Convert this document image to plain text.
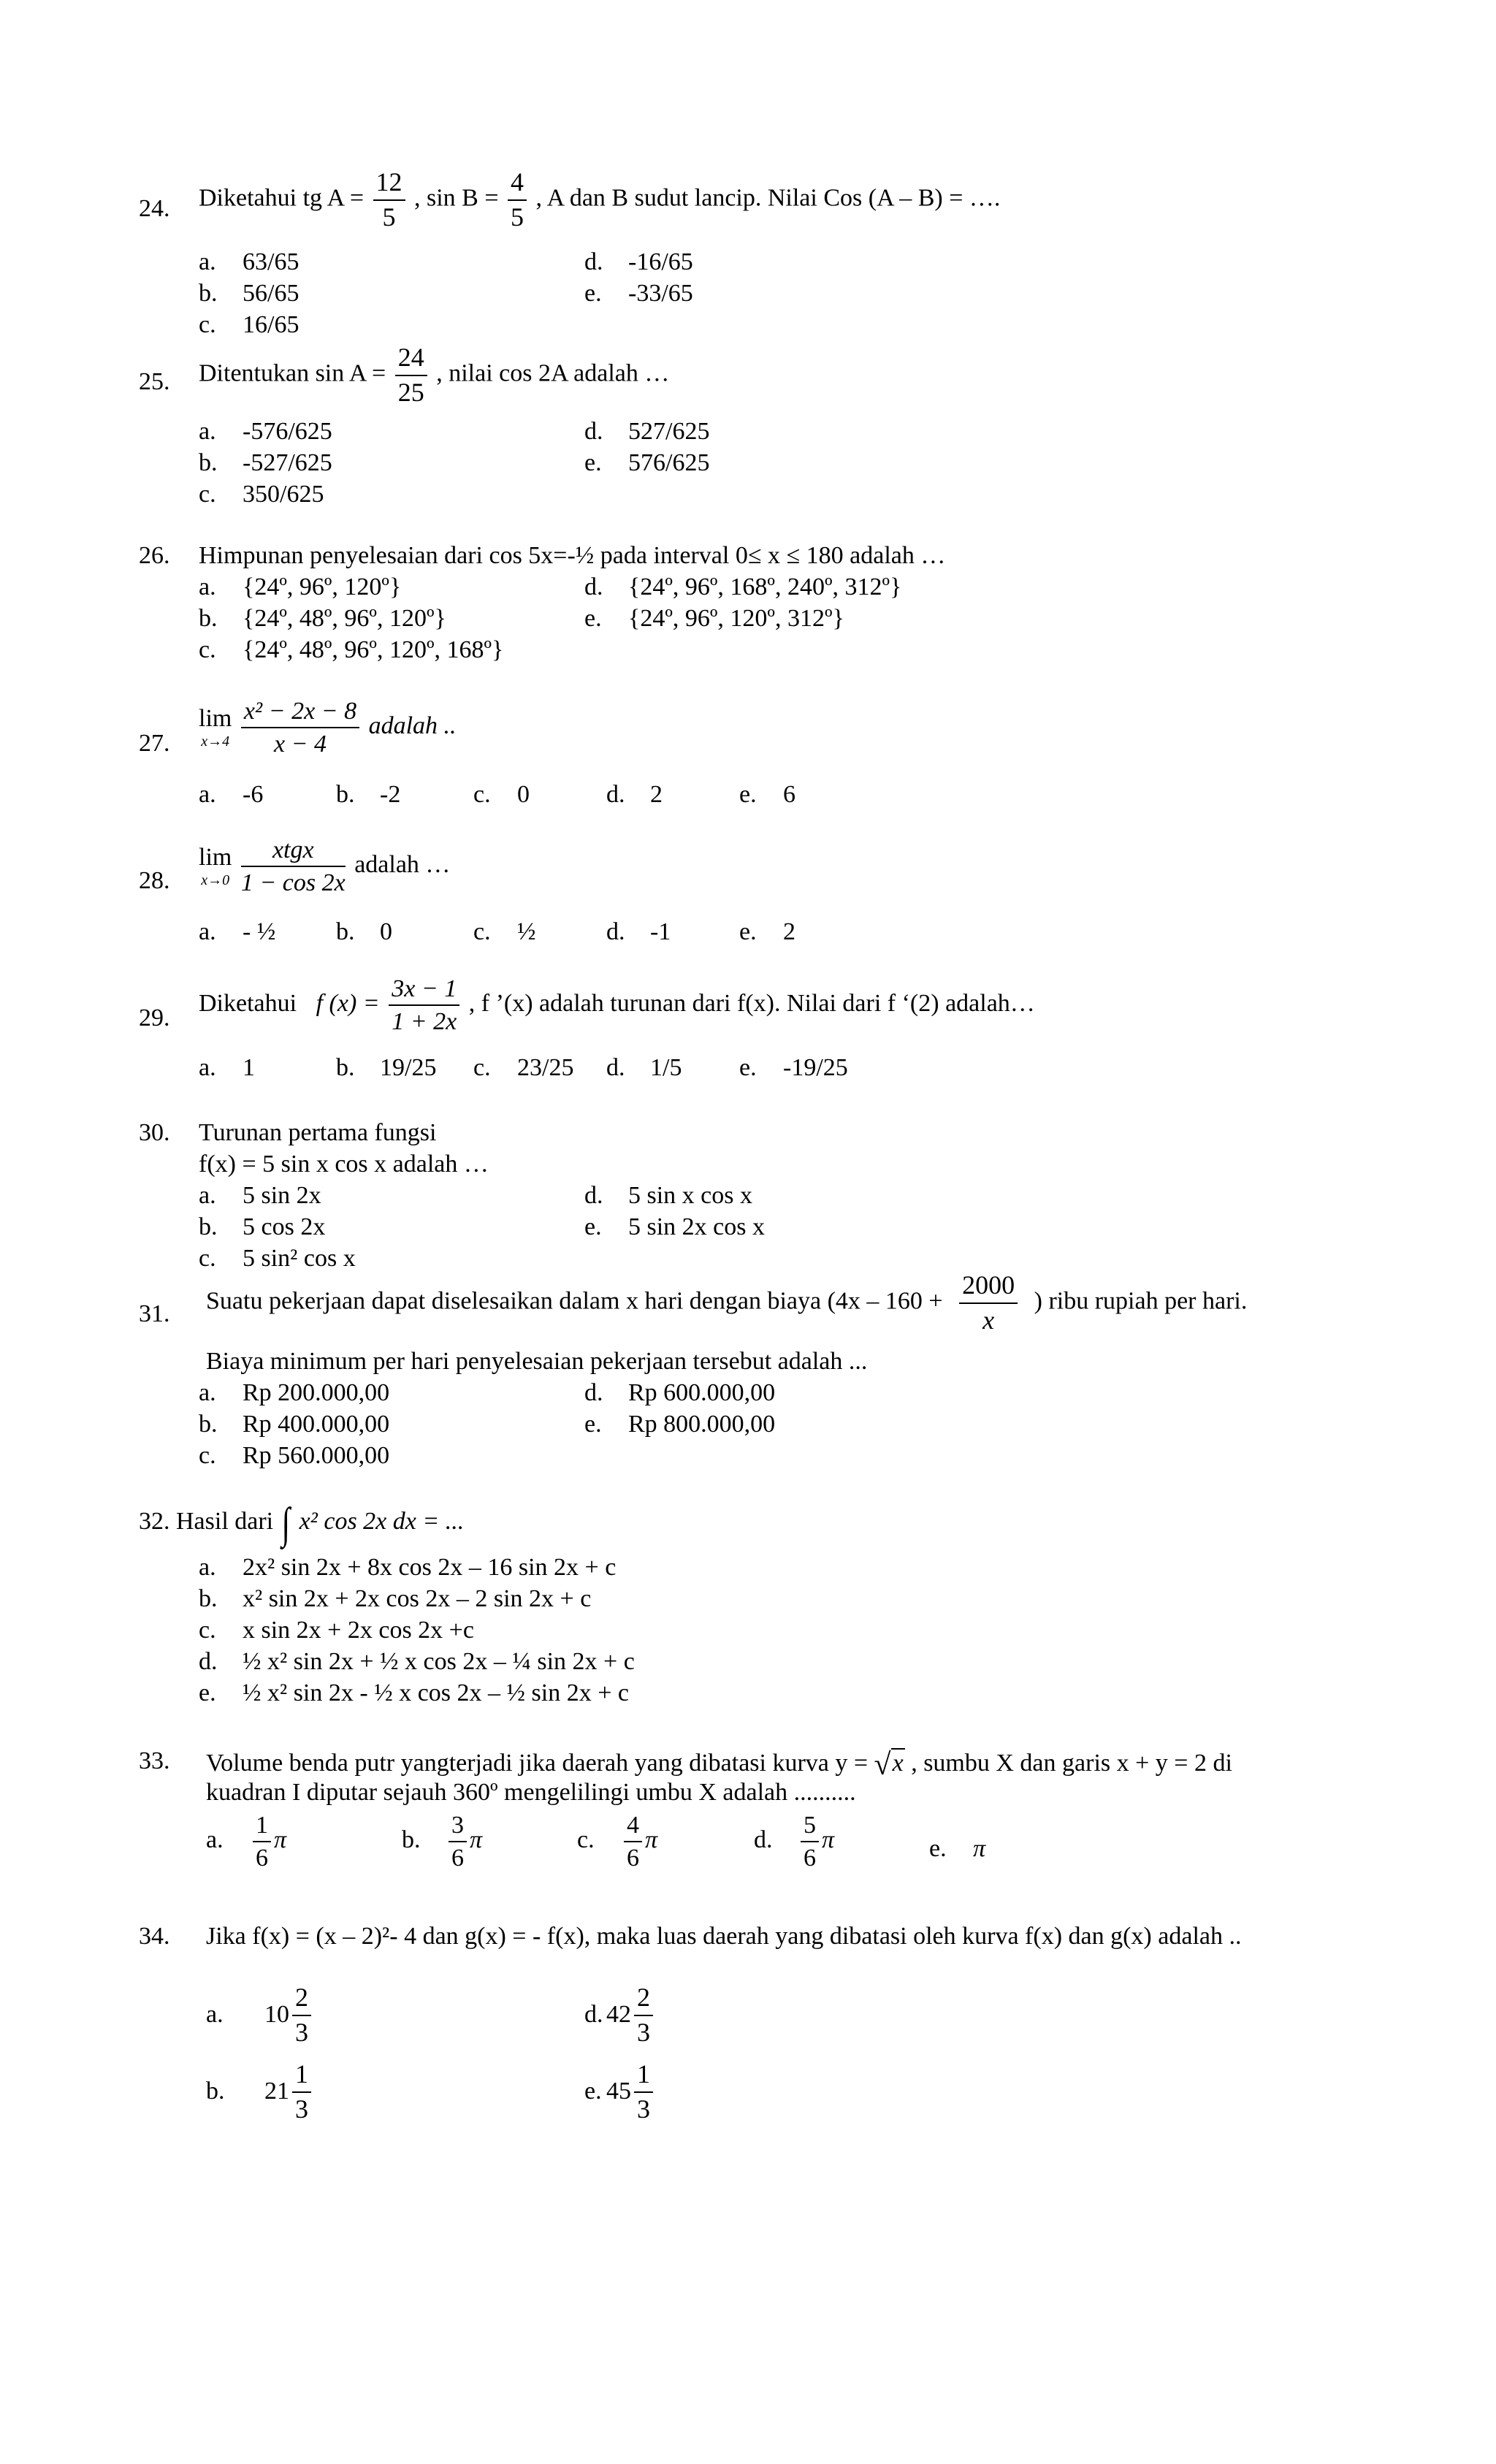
24.	Diketahui tg $A = \frac{12}{5}$ , $\sin B = \frac{4}{5}$ , A dan B sudut lancip. Nilai Cos (A – B) = ….
a. 63/65
b. 56/65
c. 16/65
d. -16/65
e. -33/65
25.	Ditentukan $\sin A = \frac{24}{25}$ , nilai cos 2A adalah …
a. -576/625
b. -527/625
c. 350/625
d. 527/625
e. 576/625
26.	Himpunan penyelesaian dari cos 5x=-½ pada interval 0≤ x ≤ 180 adalah …
a. {24º, 96º, 120º}
b. {24º, 48º, 96º, 120º}
c. {24º, 48º, 96º, 120º, 168º}
d. {24º, 96º, 168º, 240º, 312º}
e. {24º, 96º, 120º, 312º}
27.
lim
x→4
$\frac{\text{x² − 2x − 8}}{x - 4}$ adalah ..
a. -6	b. -2	c. 0	d. 2	e. 6
28.
lim
x→0
$\frac{\text{xtgx}}{1 - \cos 2x}$ adalah …
a. - ½ b. 0	c. ½	d. -1	e. 2
29.
Diketahui f $(x) = \frac{3x - 1}{1 + 2x}$ , f ’(x) adalah turunan dari f(x). Nilai dari f ‘(2) adalah…
a. 1	b. 19/25 c. 23/25 d. 1/5 e. -19/25
30.	Turunan pertama fungsi
f(x) = 5 sin x cos x adalah …
a. 5 sin 2x
b. 5 cos 2x
c. 5 sin² cos x
d. 5 sin x cos x
e. 5 sin 2x cos x
31.	Suatu pekerjaan dapat diselesaikan dalam x hari dengan biaya ($4x - 160 + \frac{2000}{x}$ ) ribu rupiah per hari.
Biaya minimum per hari penyelesaian pekerjaan tersebut adalah ...
a. Rp 200.000,00
b. Rp 400.000,00
c. Rp 560.000,00
d. Rp 600.000,00
e. Rp 800.000,00
32. Hasil dari ∫ x² cos 2x dx = ...
a. 2x² sin 2x + 8x cos 2x – 16 sin 2x + c
b. x² sin 2x + 2x cos 2x – 2 sin 2x + c
c. x sin 2x + 2x cos 2x +c
d. ½ x² sin 2x + ½ x cos 2x – ¼ sin 2x + c
e. ½ x² sin 2x - ½ x cos 2x – ½ sin 2x + c
33.	Volume benda putr yangterjadi jika daerah yang dibatasi kurva y = √x , sumbu X dan garis x + y = 2 di
kuadran I diputar sejauh 360º mengelilingi umbu X adalah ..........
a. $\frac{1}{6}$ π	b. $\frac{3}{6}$ π	c. $\frac{4}{6}$ π	d. $\frac{5}{6}$ π	e. π
34.	Jika f(x) = (x – 2)²- 4 dan g(x) = - f(x), maka luas daerah yang dibatasi oleh kurva f(x) dan g(x) adalah ..
a. $10 \frac{2}{3}$
b. $21 \frac{1}{3}$
d. $42 \frac{2}{3}$
e. $45 \frac{1}{3}$
